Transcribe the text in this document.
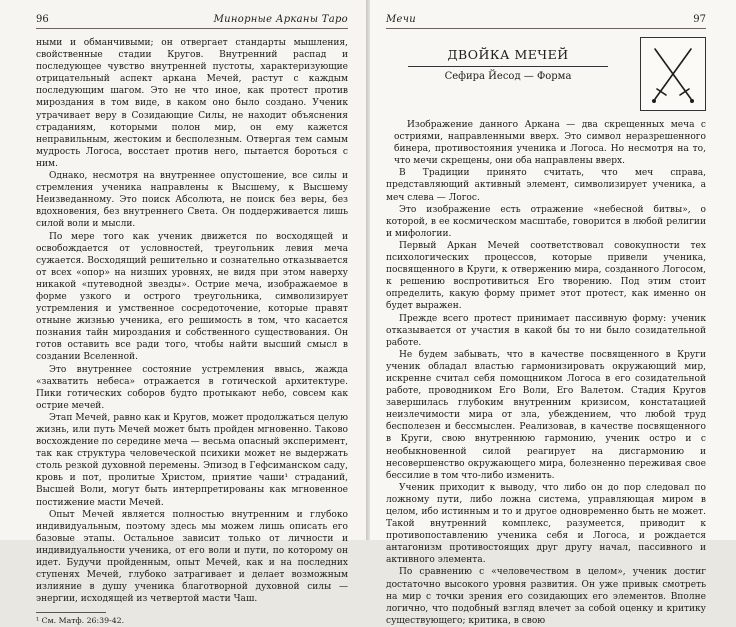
96	Минорные Арканы Таро

ными и обманчивыми; он отвергает стандарты мышления, свойственные стадии Кругов. Внутренний распад и последующее чувство внутренней пустоты, характеризующие отрицательный аспект аркана Мечей, растут с каждым последующим шагом. Это не что иное, как протест против мироздания в том виде, в каком оно было создано. Ученик утрачивает веру в Созидающие Силы, не находит объяснения страданиям, которыми полон мир, он ему кажется неправильным, жестоким и бесполезным. Отвергая тем самым мудрость Логоса, восстает против него, пытается бороться с ним.

Однако, несмотря на внутреннее опустошение, все силы и стремления ученика направлены к Высшему, к Высшему Неизведанному. Это поиск Абсолюта, не поиск без веры, без вдохновения, без внутреннего Света. Он поддерживается лишь силой воли и мысли.

По мере того как ученик движется по восходящей и освобождается от условностей, треугольник левия меча сужается. Восходящий решительно и сознательно отказывается от всех «опор» на низших уровнях, не видя при этом наверху никакой «путеводной звезды». Острие меча, изображаемое в форме узкого и острого треугольника, символизирует устремления и умственное сосредоточение, которые правят отныне жизнью ученика, его решимость в том, что касается познания тайн мироздания и собственного существования. Он готов оставить все ради того, чтобы найти высший смысл в создании Вселенной.

Это внутреннее состояние устремления ввысь, жажда «захватить небеса» отражается в готической архитектуре. Пики готических соборов будто протыкают небо, совсем как острие мечей.

Этап Мечей, равно как и Кругов, может продолжаться целую жизнь, или путь Мечей может быть пройден мгновенно. Таково восхождение по середине меча — весьма опасный эксперимент, так как структура человеческой психики может не выдержать столь резкой духовной перемены. Эпизод в Гефсиманском саду, кровь и пот, пролитые Христом, приятие чаши¹ страданий, Высшей Воли, могут быть интерпретированы как мгновенное постижение масти Мечей.

Опыт Мечей является полностью внутренним и глубоко индивидуальным, поэтому здесь мы можем лишь описать его базовые этапы. Остальное зависит только от личности и индивидуальности ученика, от его воли и пути, по которому он идет. Будучи пройденным, опыт Мечей, как и на последних ступенях Мечей, глубоко затрагивает и делает возможным излияние в душу ученика благотворной духовной силы — энергии, исходящей из четвертой масти Чаш.

¹ См. Матф. 26:39-42.
Мечи	97
ДВОЙКА МЕЧЕЙ
Сефира Йесод — Форма

Изображение данного Аркана — два скрещенных меча с остриями, направленными вверх. Это символ неразрешенного бинера, противостояния ученика и Логоса. Но несмотря на то, что мечи скрещены, они оба направлены вверх.

В Традиции принято считать, что меч справа, представляющий активный элемент, символизирует ученика, а меч слева — Логос.

Это изображение есть отражение «небесной битвы», о которой, в ее космическом масштабе, говорится в любой религии и мифологии.

Первый Аркан Мечей соответствовал совокупности тех психологических процессов, которые привели ученика, посвященного в Круги, к отвержению мира, созданного Логосом, к решению воспротивиться Его творению. Под этим стоит определить, какую форму примет этот протест, как именно он будет выражен.

Прежде всего протест принимает пассивную форму: ученик отказывается от участия в какой бы то ни было созидательной работе.

Не будем забывать, что в качестве посвященного в Круги ученик обладал властью гармонизировать окружающий мир, искренне считал себя помощником Логоса в его созидательной работе, проводником Его Воли, Его Валетом. Стадия Кругов завершилась глубоким внутренним кризисом, констатацией неизлечимости мира от зла, убеждением, что любой труд бесполезен и бессмыслен. Реализовав, в качестве посвященного в Круги, свою внутреннюю гармонию, ученик остро и с необыкновенной силой реагирует на дисгармонию и несовершенство окружающего мира, болезненно переживая свое бессилие в том что-либо изменить.

Ученик приходит к выводу, что либо он до пор следовал по ложному пути, либо ложна система, управляющая миром в целом, ибо истинным и то и другое одновременно быть не может. Такой внутренний комплекс, разумеется, приводит к противопоставлению ученика себя и Логоса, и рождается антагонизм противостоящих друг другу начал, пассивного и активного элемента.

По сравнению с «человечеством в целом», ученик достиг достаточно высокого уровня развития. Он уже привык смотреть на мир с точки зрения его созидающих его элементов. Вполне логично, что подобный взгляд влечет за собой оценку и критику существующего; критика, в свою
